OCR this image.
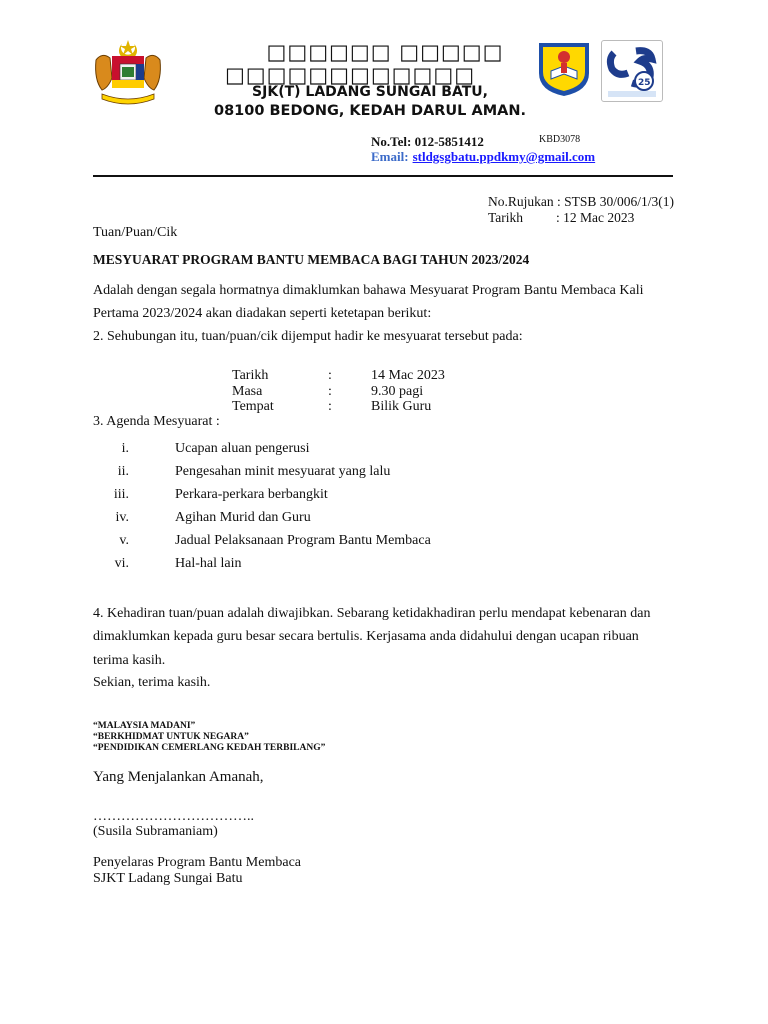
25
□□□□□□ □□□□□
□□□□□□□□□□□□
SJK(T) LADANG SUNGAI BATU,
08100 BEDONG, KEDAH DARUL AMAN.
No.Tel: 012-5851412	KBD3078
Email: stldgsgbatu.ppdkmy@gmail.com
No.Rujukan : STSB 30/006/1/3(1)
Tarikh : 12 Mac 2023
Tuan/Puan/Cik
MESYUARAT PROGRAM BANTU MEMBACA BAGI TAHUN 2023/2024
Adalah dengan segala hormatnya dimaklumkan bahawa Mesyuarat Program Bantu Membaca Kali
Pertama 2023/2024 akan diadakan seperti ketetapan berikut:
2. Sehubungan itu, tuan/puan/cik dijemput hadir ke mesyuarat tersebut pada:
Tarikh	:	14 Mac 2023
Masa	:	9.30 pagi
Tempat	:	Bilik Guru
3. Agenda Mesyuarat :
i.	Ucapan aluan pengerusi
ii.	Pengesahan minit mesyuarat yang lalu
iii.	Perkara-perkara berbangkit
iv.	Agihan Murid dan Guru
v.	Jadual Pelaksanaan Program Bantu Membaca
vi.	Hal-hal lain
4. Kehadiran tuan/puan adalah diwajibkan. Sebarang ketidakhadiran perlu mendapat kebenaran dan
dimaklumkan kepada guru besar secara bertulis. Kerjasama anda didahului dengan ucapan ribuan
terima kasih.
Sekian, terima kasih.
“MALAYSIA MADANI”
“BERKHIDMAT UNTUK NEGARA”
“PENDIDIKAN CEMERLANG KEDAH TERBILANG”
Yang Menjalankan Amanah,
……………………………..
(Susila Subramaniam)
Penyelaras Program Bantu Membaca
SJKT Ladang Sungai Batu
